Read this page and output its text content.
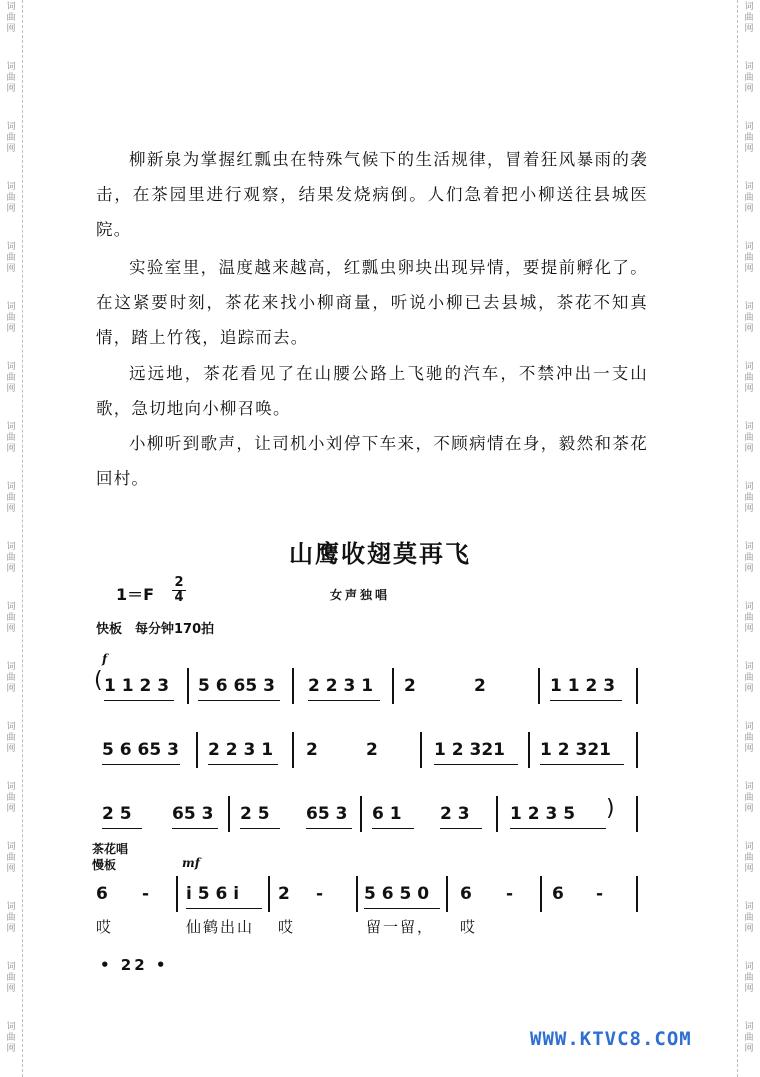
词
曲
网
词
曲
网
词
曲
网
词
曲
网
词
曲
网
词
曲
网
词
曲
网
词
曲
网
词
曲
网
词
曲
网
词
曲
网
词
曲
网
词
曲
网
词
曲
网
词
曲
网
词
曲
网
词
曲
网
词
曲
网
词
曲
网
词
曲
网
词
曲
网
词
曲
网
词
曲
网
词
曲
网
词
曲
网
词
曲
网
词
曲
网
词
曲
网
词
曲
网
词
曲
网
词
曲
网
词
曲
网
词
曲
网
词
曲
网
词
曲
网
词
曲
网

柳新泉为掌握红瓢虫在特殊气候下的生活规律，冒着狂风暴雨的袭击，在茶园里进行观察，结果发烧病倒。人们急着把小柳送往县城医院。

实验室里，温度越来越高，红瓢虫卵块出现异情，要提前孵化了。在这紧要时刻，茶花来找小柳商量，听说小柳已去县城，茶花不知真情，踏上竹筏，追踪而去。

远远地，茶花看见了在山腰公路上飞驰的汽车，不禁冲出一支山歌，急切地向小柳召唤。

小柳听到歌声，让司机小刘停下车来，不顾病情在身，毅然和茶花回村。

山鹰收翅莫再飞
$1=F \frac{2}{4}$	女声独唱
快板　每分钟170拍
f
( 1 1 2 3 5 6 65 3 2 2 3 1 2	2	1 1 2 3
5 6 65 3 2 2 3 1 2	2	1 2 321 1 2 321
2 5 65 3 2 5 65 3 6 1 2 3 1 2 3 5 )
茶花唱
慢板	mf
6 - i 5 6 i 2 - 5 6 5 0 6 - 6 -
哎	仙鹤出山 哎	留一留， 哎
• 22 •
WWW.KTVC8.COM
